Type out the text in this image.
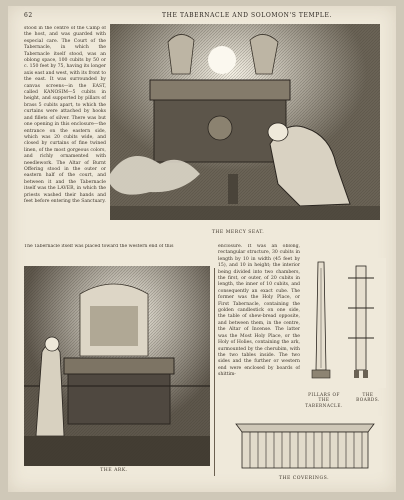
62	THE TABERNACLE AND SOLOMON'S TEMPLE.
stood in the centre of the Camp of the host, and was guarded with especial care. The Court of the Tabernacle, in which the Tabernacle itself stood, was an oblong space, 100 cubits by 50 or c. 150 feet by 75, having its longer axis east and west, with its front to the east. It was surrounded by canvas screens—in the EAST, called KANOSIM—5 cubits in height, and supported by pillars of brass 5 cubits apart, to which the curtains were attached by hooks and fillets of silver. There was but one opening in this enclosure—the entrance on the eastern side, which was 20 cubits wide, and closed by curtains of fine twined linen, of the most gorgeous colors, and richly ornamented with needlework. The Altar of Burnt Offering stood in the outer or eastern half of the court, and between it and the Tabernacle itself was the LAVER, in which the priests washed their hands and feet before entering the Sanctuary.
THE MERCY SEAT.
The Tabernacle itself was placed toward the western end of this
THE ARK.
enclosure. It was an oblong, rectangular structure, 30 cubits in length by 10 in width (45 feet by 15), and 10 in height; the interior being divided into two chambers, the first, or outer, of 20 cubits in length, the inner of 10 cubits, and consequently an exact cube. The former was the Holy Place, or First Tabernacle, containing the golden candlestick on one side, the table of shew-bread opposite, and between them, in the centre, the Altar of Incense. The latter was the Most Holy Place, or the Holy of Holies, containing the ark, surmounted by the cherubim, with the two tables inside. The two sides and the further or western end were enclosed by boards of shittim-
PILLARS OF THE TABERNACLE.
THE BOARDS.
THE COVERINGS.
